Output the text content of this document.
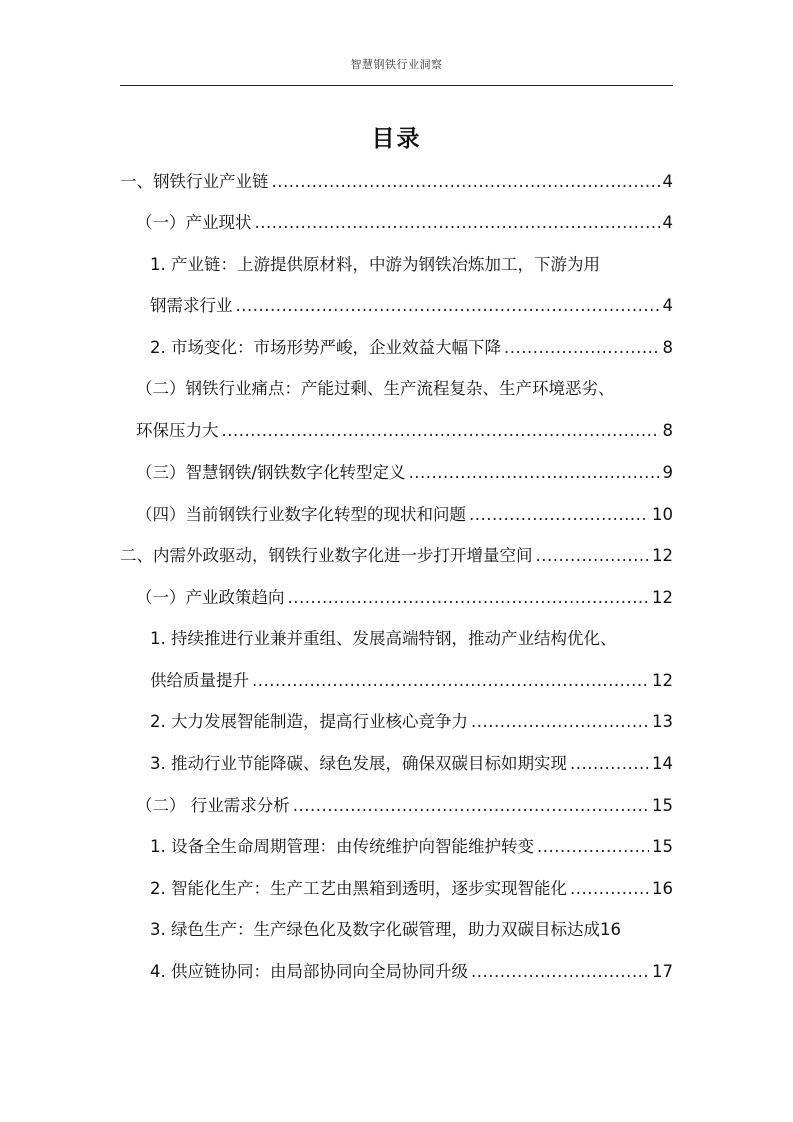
智慧钢铁行业洞察
目录
一、钢铁行业产业链 .....	4
（一）产业现状 .....	4
1. 产业链：上游提供原材料，中游为钢铁冶炼加工，下游为用
钢需求行业 .....	4
2. 市场变化：市场形势严峻，企业效益大幅下降 .....	8
（二）钢铁行业痛点：产能过剩、生产流程复杂、生产环境恶劣、
环保压力大 .....	8
（三）智慧钢铁/钢铁数字化转型定义 .....	9
（四）当前钢铁行业数字化转型的现状和问题 .....	10
二、内需外政驱动，钢铁行业数字化进一步打开增量空间 .....	12
（一）产业政策趋向 .....	12
1. 持续推进行业兼并重组、发展高端特钢，推动产业结构优化、
供给质量提升 .....	12
2. 大力发展智能制造，提高行业核心竞争力 .....	13
3. 推动行业节能降碳、绿色发展，确保双碳目标如期实现 .....	14
（二） 行业需求分析 .....	15
1. 设备全生命周期管理：由传统维护向智能维护转变 .....	15
2. 智能化生产：生产工艺由黑箱到透明，逐步实现智能化 .....	16
3. 绿色生产：生产绿色化及数字化碳管理，助力双碳目标达成 16
4. 供应链协同：由局部协同向全局协同升级 .....	17
